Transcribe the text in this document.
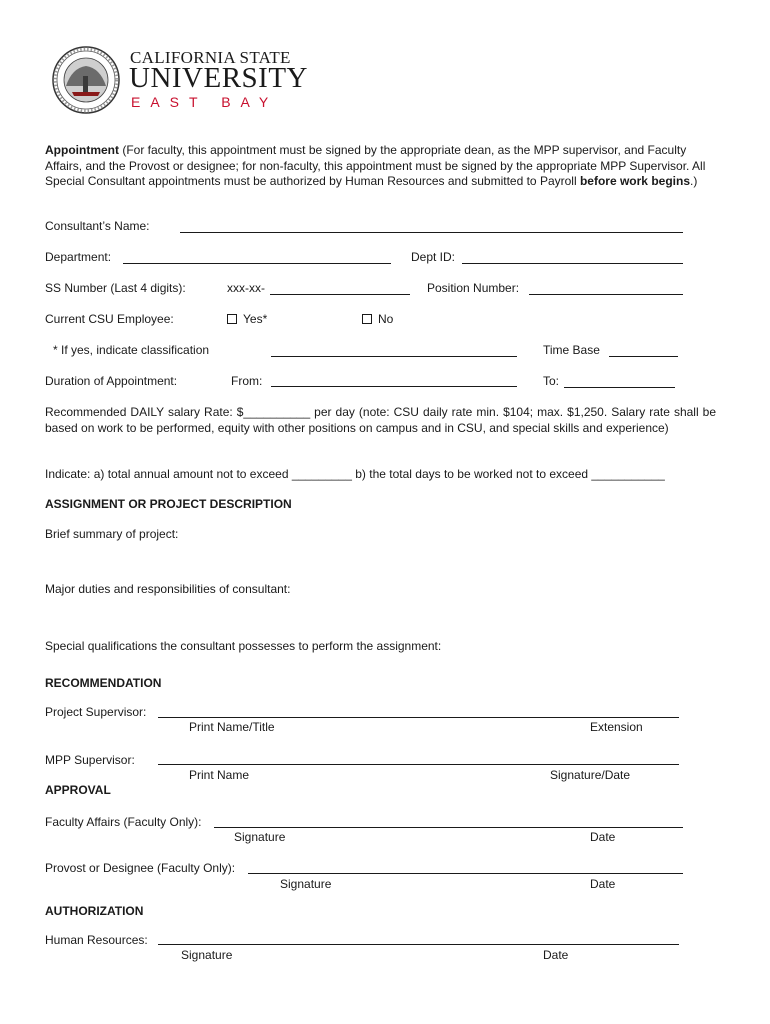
CALIFORNIA STATE
UNIVERSITY
EAST BAY
Appointment (For faculty, this appointment must be signed by the appropriate dean, as the MPP supervisor, and Faculty Affairs, and the Provost or designee; for non-faculty, this appointment must be signed by the appropriate MPP Supervisor. All Special Consultant appointments must be authorized by Human Resources and submitted to Payroll before work begins.)
Consultant’s Name:
Department:	Dept ID:
SS Number (Last 4 digits):	xxx-xx-	Position Number:
Current CSU Employee:	Yes*	No
* If yes, indicate classification	Time Base
Duration of Appointment:	From:	To:
Recommended DAILY salary Rate: $__________ per day (note: CSU daily rate min. $104; max. $1,250. Salary rate shall be based on work to be performed, equity with other positions on campus and in CSU, and special skills and experience)
Indicate: a) total annual amount not to exceed _________ b) the total days to be worked not to exceed ___________
ASSIGNMENT OR PROJECT DESCRIPTION
Brief summary of project:
Major duties and responsibilities of consultant:
Special qualifications the consultant possesses to perform the assignment:
RECOMMENDATION
Project Supervisor:
Print Name/Title	Extension
MPP Supervisor:
Print Name	Signature/Date
APPROVAL
Faculty Affairs (Faculty Only):
Signature	Date
Provost or Designee (Faculty Only):
Signature	Date
AUTHORIZATION
Human Resources:
Signature	Date
